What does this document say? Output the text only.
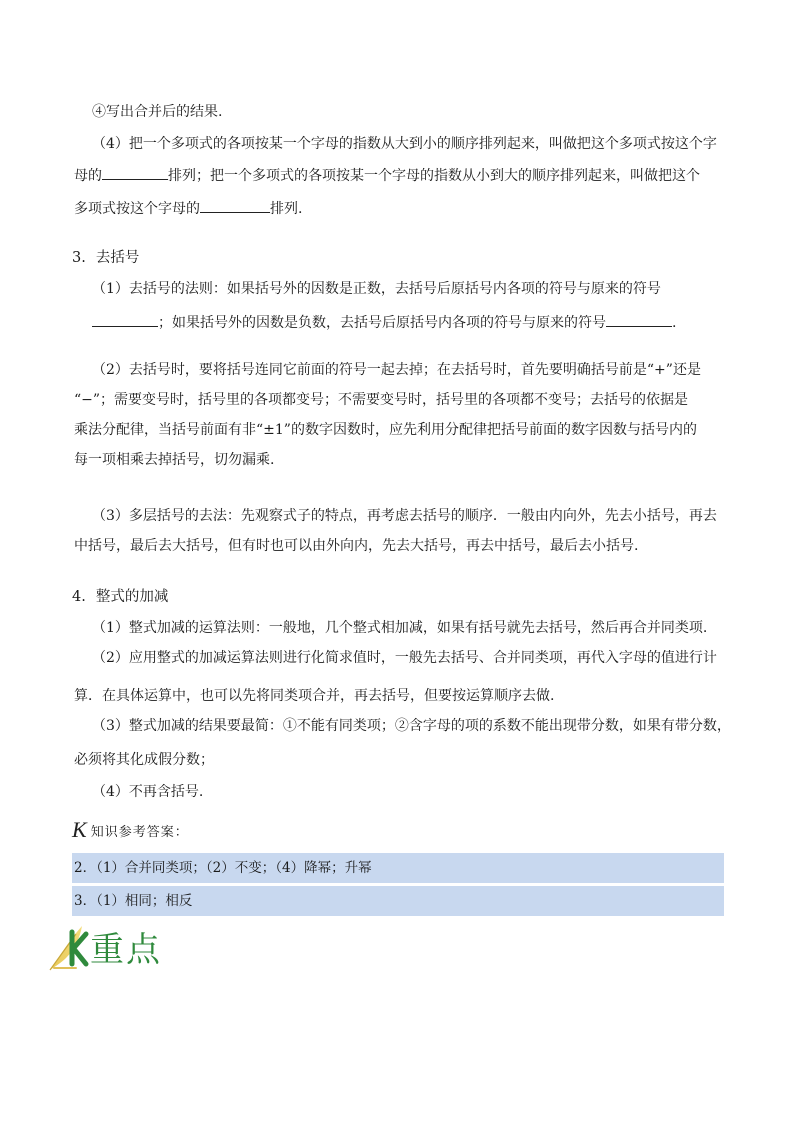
④写出合并后的结果.
（4）把一个多项式的各项按某一个字母的指数从大到小的顺序排列起来，叫做把这个多项式按这个字
母的	排列；把一个多项式的各项按某一个字母的指数从小到大的顺序排列起来，叫做把这个
多项式按这个字母的	排列.
3. 去括号
（1）去括号的法则：如果括号外的因数是正数，去括号后原括号内各项的符号与原来的符号
；如果括号外的因数是负数，去括号后原括号内各项的符号与原来的符号	.
（2）去括号时，要将括号连同它前面的符号一起去掉；在去括号时，首先要明确括号前是“+”还是
“−”；需要变号时，括号里的各项都变号；不需要变号时，括号里的各项都不变号；去括号的依据是
乘法分配律，当括号前面有非“±1”的数字因数时，应先利用分配律把括号前面的数字因数与括号内的
每一项相乘去掉括号，切勿漏乘.
（3）多层括号的去法：先观察式子的特点，再考虑去括号的顺序．一般由内向外，先去小括号，再去
中括号，最后去大括号，但有时也可以由外向内，先去大括号，再去中括号，最后去小括号.
4. 整式的加减
（1）整式加减的运算法则：一般地，几个整式相加减，如果有括号就先去括号，然后再合并同类项.
（2）应用整式的加减运算法则进行化简求值时，一般先去括号、合并同类项，再代入字母的值进行计
算．在具体运算中，也可以先将同类项合并，再去括号，但要按运算顺序去做.
（3）整式加减的结果要最简：①不能有同类项；②含字母的项的系数不能出现带分数，如果有带分数，
必须将其化成假分数；
（4）不再含括号.
K 知识参考答案：
2．（1）合并同类项；（2）不变；（4）降幂；升幂
3．（1）相同；相反
重点
